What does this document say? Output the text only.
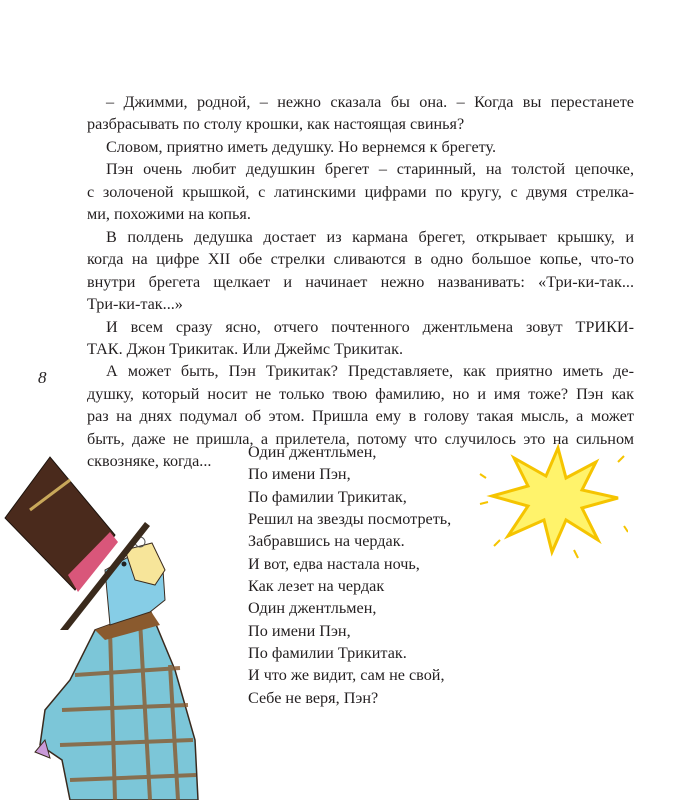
8
– Джимми, родной, – нежно сказала бы она. – Когда вы перестанете
разбрасывать по столу крошки, как настоящая свинья?
Словом, приятно иметь дедушку. Но вернемся к брегету.
Пэн очень любит дедушкин брегет – старинный, на толстой цепочке,
с золоченой крышкой, с латинскими цифрами по кругу, с двумя стрелка-
ми, похожими на копья.
В полдень дедушка достает из кармана брегет, открывает крышку, и
когда на цифре XII обе стрелки сливаются в одно большое копье, что-то
внутри брегета щелкает и начинает нежно названивать: «Три-ки-так...
Три-ки-так...»
И всем сразу ясно, отчего почтенного джентльмена зовут ТРИКИ-
ТАК. Джон Трикитак. Или Джеймс Трикитак.
А может быть, Пэн Трикитак? Представляете, как приятно иметь де-
душку, который носит не только твою фамилию, но и имя тоже? Пэн как
раз на днях подумал об этом. Пришла ему в голову такая мысль, а может
быть, даже не пришла, а прилетела, потому что случилось это на сильном
сквозняке, когда...
Один джентльмен,
По имени Пэн,
По фамилии Трикитак,
Решил на звезды посмотреть,
Забравшись на чердак.
И вот, едва настала ночь,
Как лезет на чердак
Один джентльмен,
По имени Пэн,
По фамилии Трикитак.
И что же видит, сам не свой,
Себе не веря, Пэн?
